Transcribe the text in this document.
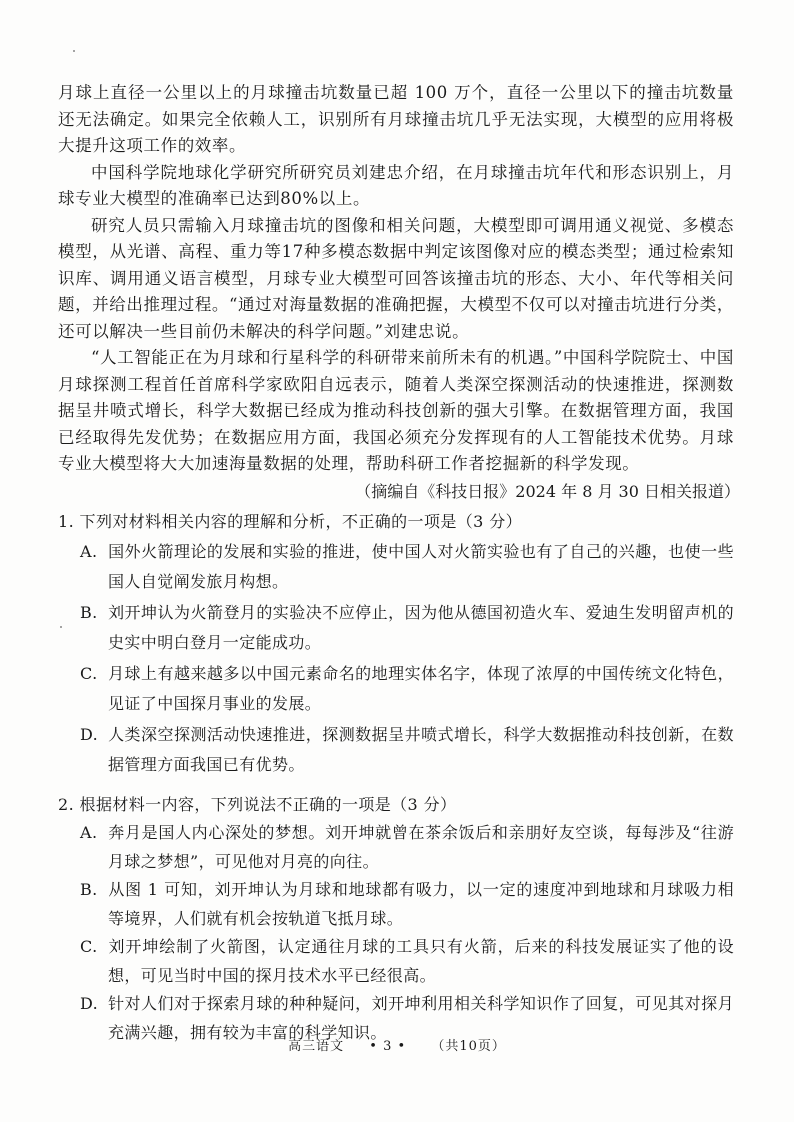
月球上直径一公里以上的月球撞击坑数量已超 100 万个，直径一公里以下的撞击坑数量还无法确定。如果完全依赖人工，识别所有月球撞击坑几乎无法实现，大模型的应用将极大提升这项工作的效率。

中国科学院地球化学研究所研究员刘建忠介绍，在月球撞击坑年代和形态识别上，月球专业大模型的准确率已达到80%以上。

研究人员只需输入月球撞击坑的图像和相关问题，大模型即可调用通义视觉、多模态模型，从光谱、高程、重力等17种多模态数据中判定该图像对应的模态类型；通过检索知识库、调用通义语言模型，月球专业大模型可回答该撞击坑的形态、大小、年代等相关问题，并给出推理过程。“通过对海量数据的准确把握，大模型不仅可以对撞击坑进行分类，还可以解决一些目前仍未解决的科学问题。”刘建忠说。

“人工智能正在为月球和行星科学的科研带来前所未有的机遇。”中国科学院院士、中国月球探测工程首任首席科学家欧阳自远表示，随着人类深空探测活动的快速推进，探测数据呈井喷式增长，科学大数据已经成为推动科技创新的强大引擎。在数据管理方面，我国已经取得先发优势；在数据应用方面，我国必须充分发挥现有的人工智能技术优势。月球专业大模型将大大加速海量数据的处理，帮助科研工作者挖掘新的科学发现。

（摘编自《科技日报》2024 年 8 月 30 日相关报道）

1. 下列对材料相关内容的理解和分析，不正确的一项是（3 分）

A. 国外火箭理论的发展和实验的推进，使中国人对火箭实验也有了自己的兴趣，也使一些国人自觉阐发旅月构想。

B. 刘开坤认为火箭登月的实验决不应停止，因为他从德国初造火车、爱迪生发明留声机的史实中明白登月一定能成功。

C. 月球上有越来越多以中国元素命名的地理实体名字，体现了浓厚的中国传统文化特色，见证了中国探月事业的发展。

D. 人类深空探测活动快速推进，探测数据呈井喷式增长，科学大数据推动科技创新，在数据管理方面我国已有优势。

2. 根据材料一内容，下列说法不正确的一项是（3 分）

A. 奔月是国人内心深处的梦想。刘开坤就曾在茶余饭后和亲朋好友空谈，每每涉及“往游月球之梦想”，可见他对月亮的向往。

B. 从图 1 可知，刘开坤认为月球和地球都有吸力，以一定的速度冲到地球和月球吸力相等境界，人们就有机会按轨道飞抵月球。

C. 刘开坤绘制了火箭图，认定通往月球的工具只有火箭，后来的科技发展证实了他的设想，可见当时中国的探月技术水平已经很高。

D. 针对人们对于探索月球的种种疑问，刘开坤利用相关科学知识作了回复，可见其对探月充满兴趣，拥有较为丰富的科学知识。

高三语文 • 3 • （共10页）
